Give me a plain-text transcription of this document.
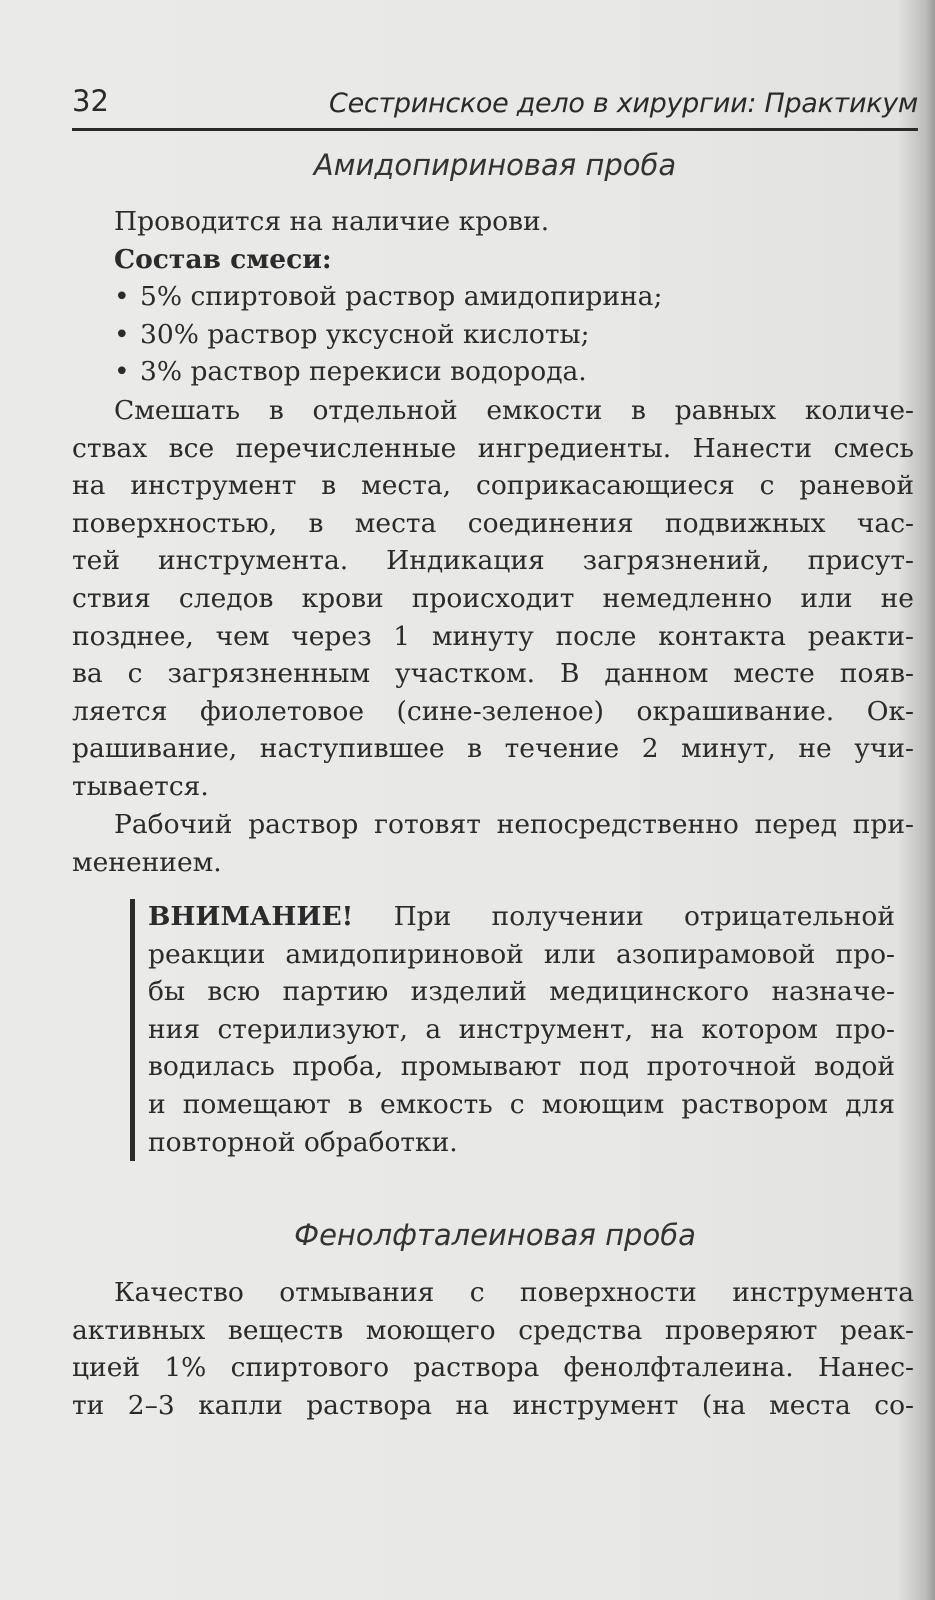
32	Сестринское дело в хирургии: Практикум
Амидопириновая проба
Проводится на наличие крови.
Состав смеси:
• 5% спиртовой раствор амидопирина;
• 30% раствор уксусной кислоты;
• 3% раствор перекиси водорода.
Смешать в отдельной емкости в равных количе-
ствах все перечисленные ингредиенты. Нанести смесь
на инструмент в места, соприкасающиеся с раневой
поверхностью, в места соединения подвижных час-
тей инструмента. Индикация загрязнений, присут-
ствия следов крови происходит немедленно или не
позднее, чем через 1 минуту после контакта реакти-
ва с загрязненным участком. В данном месте появ-
ляется фиолетовое (сине-зеленое) окрашивание. Ок-
рашивание, наступившее в течение 2 минут, не учи-
тывается.
Рабочий раствор готовят непосредственно перед при-
менением.
ВНИМАНИЕ! При получении отрицательной
реакции амидопириновой или азопирамовой про-
бы всю партию изделий медицинского назначе-
ния стерилизуют, а инструмент, на котором про-
водилась проба, промывают под проточной водой
и помещают в емкость с моющим раствором для
повторной обработки.
Фенолфталеиновая проба
Качество отмывания с поверхности инструмента
активных веществ моющего средства проверяют реак-
цией 1% спиртового раствора фенолфталеина. Нанес-
ти 2–3 капли раствора на инструмент (на места со-
